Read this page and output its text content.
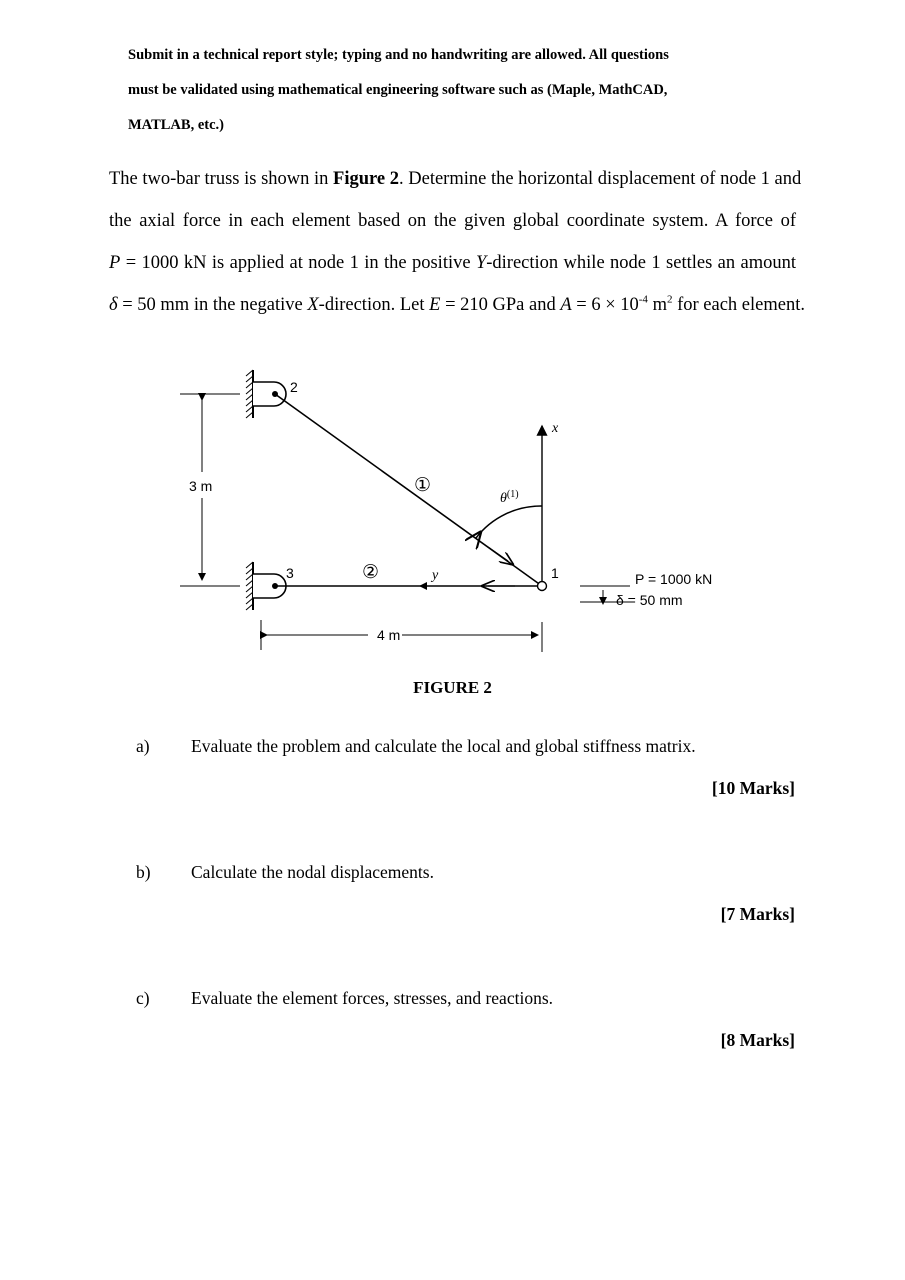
Submit in a technical report style; typing and no handwriting are allowed. All questions
must be validated using mathematical engineering software such as (Maple, MathCAD,
MATLAB, etc.)
The two-bar truss is shown in Figure 2. Determine the horizontal displacement of node 1 and
the axial force in each element based on the given global coordinate system. A force of
P = 1000 kN is applied at node 1 in the positive Y-direction while node 1 settles an amount
δ = 50 mm in the negative X-direction. Let E = 210 GPa and $A = 6 \times 10^{-4}$ $m^2$ for each element.
2
3	1
①
②
x
y
$\theta^{(1)}$
3 m
4 m
P = 1000 kN
δ = 50 mm
FIGURE 2
a) Evaluate the problem and calculate the local and global stiffness matrix.
[10 Marks]
b) Calculate the nodal displacements.
[7 Marks]
c) Evaluate the element forces, stresses, and reactions.
[8 Marks]
